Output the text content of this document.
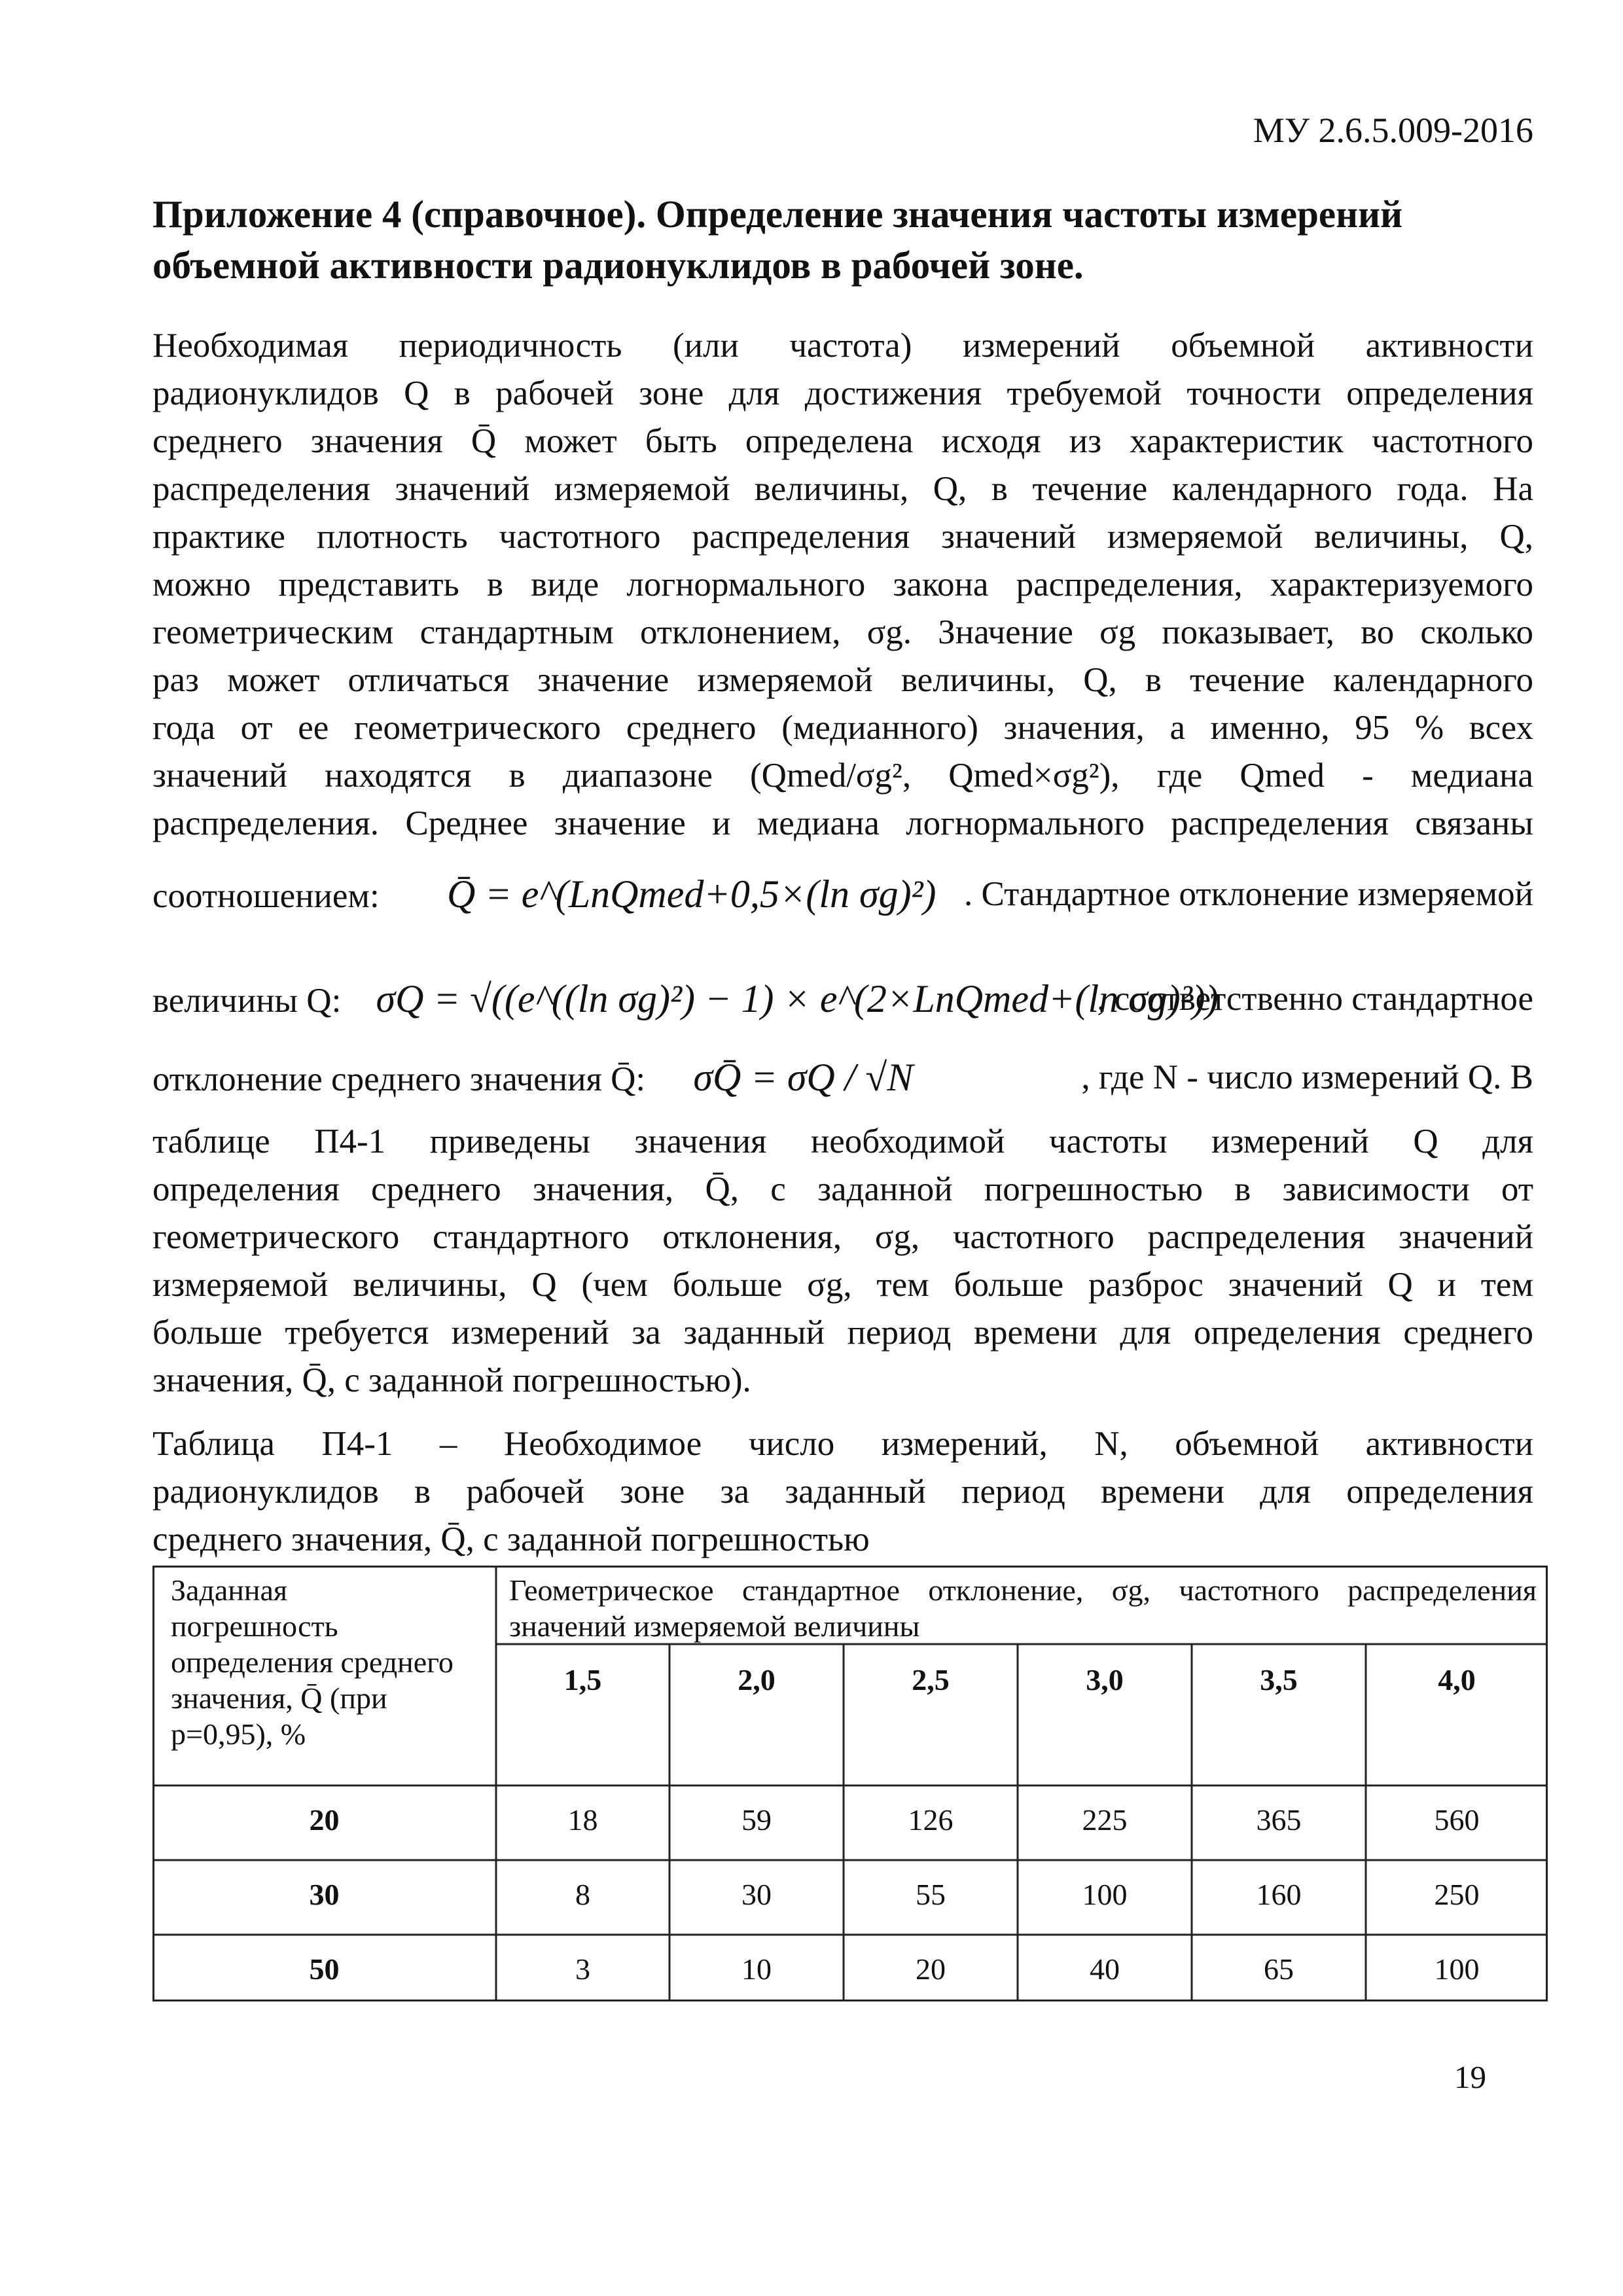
МУ 2.6.5.009-2016
Приложение 4 (справочное). Определение значения частоты измерений объемной активности радионуклидов в рабочей зоне.
Необходимая периодичность (или частота) измерений объемной активности
радионуклидов Q в рабочей зоне для достижения требуемой точности определения
среднего значения Q̄ может быть определена исходя из характеристик частотного
распределения значений измеряемой величины, Q, в течение календарного года. На
практике плотность частотного распределения значений измеряемой величины, Q,
можно представить в виде логнормального закона распределения, характеризуемого
геометрическим стандартным отклонением, σg. Значение σg показывает, во сколько
раз может отличаться значение измеряемой величины, Q, в течение календарного
года от ее геометрического среднего (медианного) значения, а именно, 95 % всех
значений находятся в диапазоне (Qmed/σg², Qmed×σg²), где Qmed - медиана
распределения. Среднее значение и медиана логнормального распределения связаны
соотношением: Q̄ = e^(LnQmed+0,5×(ln σg)²) . Стандартное отклонение измеряемой
величины Q: σQ = √((e^((ln σg)²) − 1) × e^(2×LnQmed+(ln σg)²))
, соответственно стандартное
отклонение среднего значения Q̄: σQ̄ = σQ / √N	, где N - число измерений Q. В
таблице П4-1 приведены значения необходимой частоты измерений Q для
определения среднего значения, Q̄, с заданной погрешностью в зависимости от
геометрического стандартного отклонения, σg, частотного распределения значений
измеряемой величины, Q (чем больше σg, тем больше разброс значений Q и тем
больше требуется измерений за заданный период времени для определения среднего
значения, Q̄, с заданной погрешностью).
Таблица П4-1 – Необходимое число измерений, N, объемной активности
радионуклидов в рабочей зоне за заданный период времени для определения
среднего значения, Q̄, с заданной погрешностью
Заданная
погрешность
определения среднего
значения, Q̄ (при
p=0,95), %
Геометрическое стандартное отклонение, σg, частотного распределения
значений измеряемой величины
1,5	2,0	2,5	3,0	3,5	4,0
20	18	59	126	225	365	560
30	8	30	55	100	160	250
50	3	10	20	40	65	100
19
